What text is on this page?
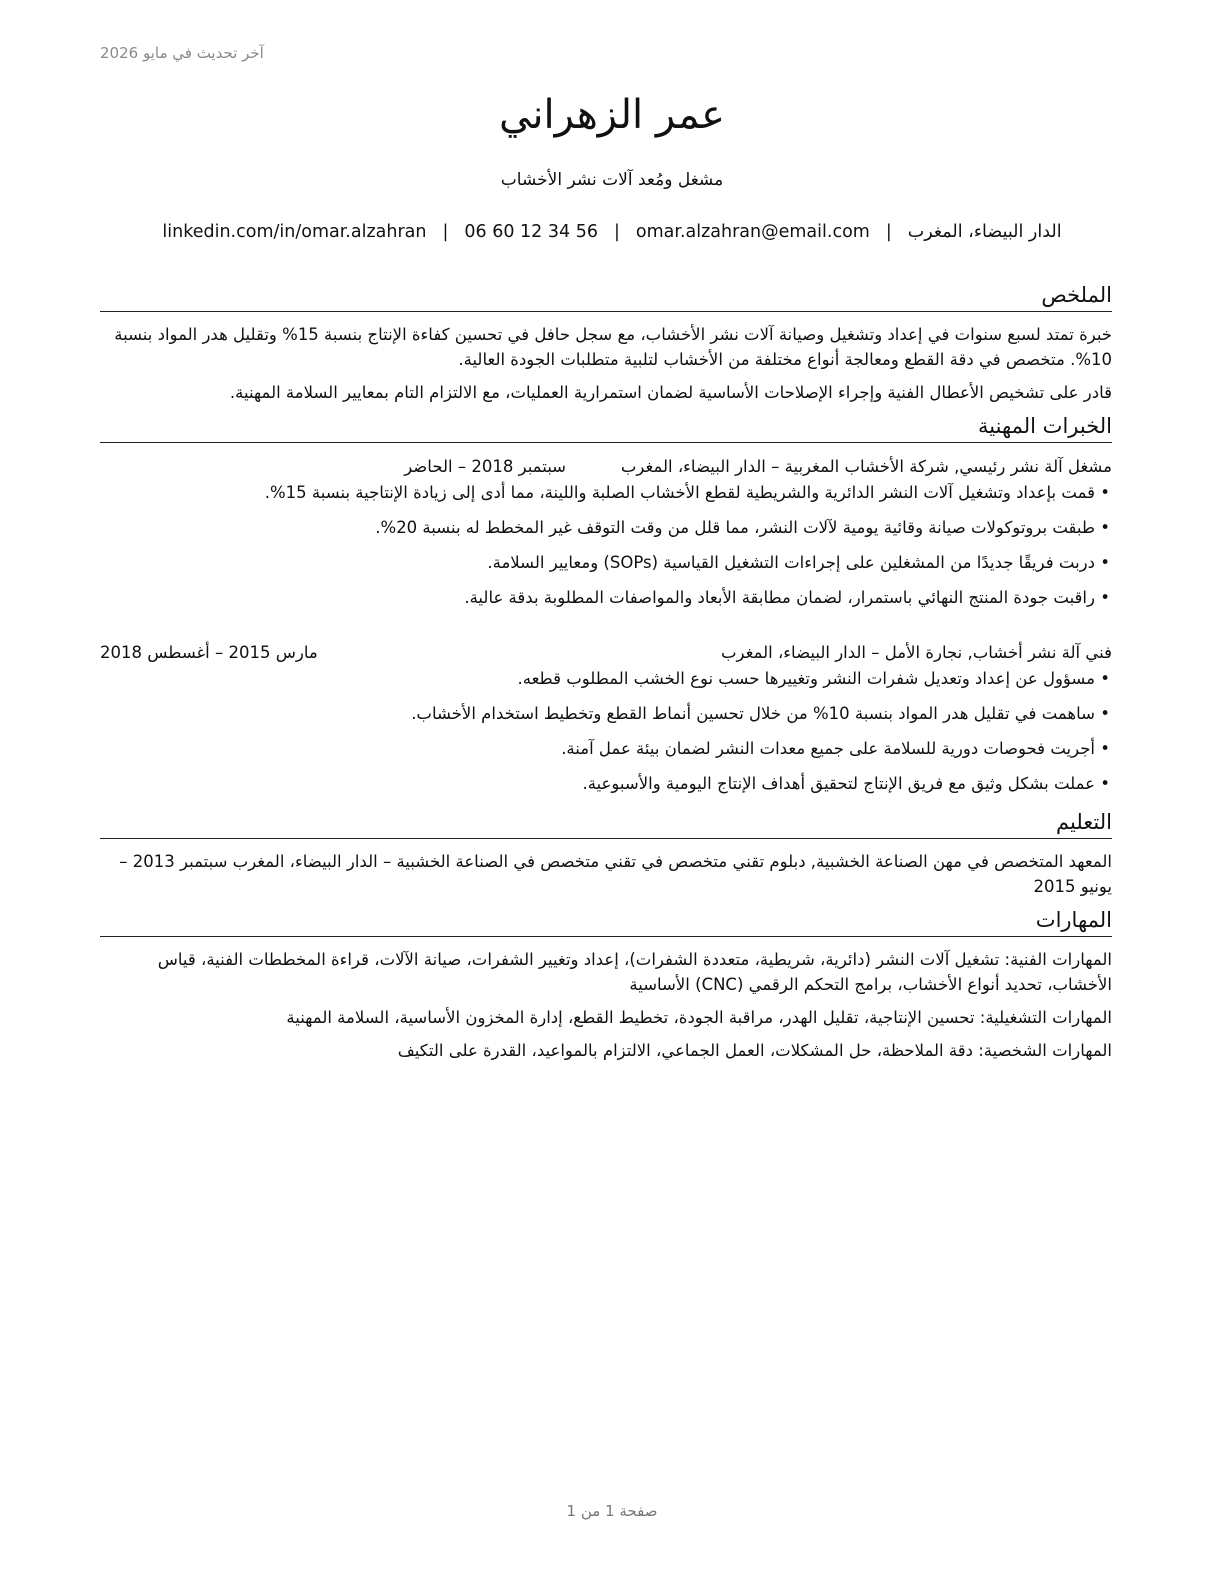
آخر تحديث في مايو 2026
عمر الزهراني
مشغل ومُعد آلات نشر الأخشاب
الدار البيضاء، المغرب|omar.alzahran@email.com|06 60 12 34 56|linkedin.com/in/omar.alzahran
الملخص
خبرة تمتد لسبع سنوات في إعداد وتشغيل وصيانة آلات نشر الأخشاب، مع سجل حافل في تحسين كفاءة الإنتاج بنسبة 15% وتقليل هدر المواد بنسبة 10%. متخصص في دقة القطع ومعالجة أنواع مختلفة من الأخشاب لتلبية متطلبات الجودة العالية.
قادر على تشخيص الأعطال الفنية وإجراء الإصلاحات الأساسية لضمان استمرارية العمليات، مع الالتزام التام بمعايير السلامة المهنية.
الخبرات المهنية
مشغل آلة نشر رئيسي, شركة الأخشاب المغربية – الدار البيضاء، المغرب
سبتمبر 2018 – الحاضر
•
قمت بإعداد وتشغيل آلات النشر الدائرية والشريطية لقطع الأخشاب الصلبة واللينة، مما أدى إلى زيادة الإنتاجية بنسبة 15%.
•
طبقت بروتوكولات صيانة وقائية يومية لآلات النشر، مما قلل من وقت التوقف غير المخطط له بنسبة 20%.
•
دربت فريقًا جديدًا من المشغلين على إجراءات التشغيل القياسية (SOPs) ومعايير السلامة.
•
راقبت جودة المنتج النهائي باستمرار، لضمان مطابقة الأبعاد والمواصفات المطلوبة بدقة عالية.
فني آلة نشر أخشاب, نجارة الأمل – الدار البيضاء، المغرب
مارس 2015 – أغسطس 2018
•
مسؤول عن إعداد وتعديل شفرات النشر وتغييرها حسب نوع الخشب المطلوب قطعه.
•
ساهمت في تقليل هدر المواد بنسبة 10% من خلال تحسين أنماط القطع وتخطيط استخدام الأخشاب.
•
أجريت فحوصات دورية للسلامة على جميع معدات النشر لضمان بيئة عمل آمنة.
•
عملت بشكل وثيق مع فريق الإنتاج لتحقيق أهداف الإنتاج اليومية والأسبوعية.
التعليم
المعهد المتخصص في مهن الصناعة الخشبية, دبلوم تقني متخصص في تقني متخصص في الصناعة الخشبية – الدار البيضاء، المغرب سبتمبر 2013 – يونيو 2015
المهارات
المهارات الفنية: تشغيل آلات النشر (دائرية، شريطية، متعددة الشفرات)، إعداد وتغيير الشفرات، صيانة الآلات، قراءة المخططات الفنية، قياس الأخشاب، تحديد أنواع الأخشاب، برامج التحكم الرقمي (CNC) الأساسية
المهارات التشغيلية: تحسين الإنتاجية، تقليل الهدر، مراقبة الجودة، تخطيط القطع، إدارة المخزون الأساسية، السلامة المهنية
المهارات الشخصية: دقة الملاحظة، حل المشكلات، العمل الجماعي، الالتزام بالمواعيد، القدرة على التكيف
صفحة 1 من 1
